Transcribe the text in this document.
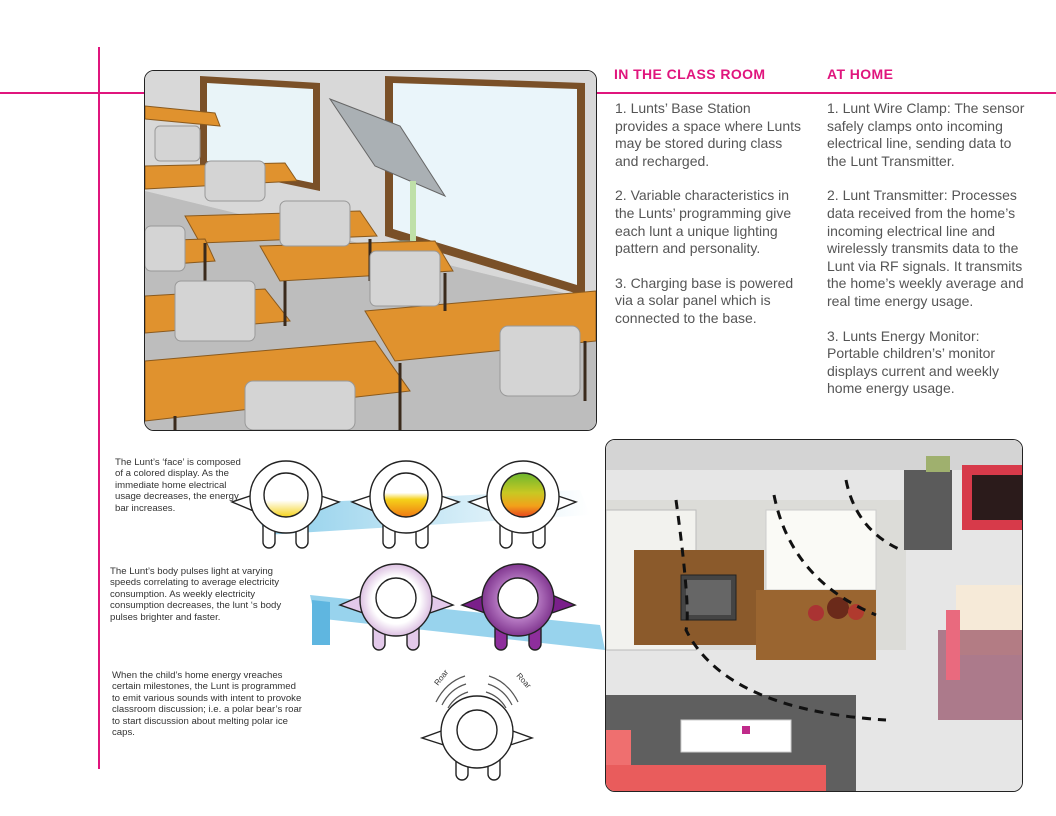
IN THE CLASS ROOM	AT HOME

1. Lunts’ Base Station provides a space where Lunts may be stored during class and recharged.

2. Variable characteristics in the Lunts’ programming give each lunt a unique lighting pattern and personality.

3. Charging base is powered via a solar panel which is connected to the base.

1. Lunt Wire Clamp: The sensor safely clamps onto incoming electrical line, sending data to the Lunt Transmitter.

2. Lunt Transmitter: Processes data received from the home’s incoming electrical line and wirelessly transmits data to the Lunt via RF signals. It transmits the home’s weekly average and real time energy usage.

3. Lunts Energy Monitor: Portable children’s’ monitor displays current and weekly home energy usage.

Roar	Roar
The Lunt’s ‘face’ is composed of a colored display. As the immediate home electrical usage decreases, the energy bar increases.
The Lunt’s body pulses light at varying speeds correlating to average electricity consumption. As weekly electricity consumption decreases, the lunt ‘s body pulses brighter and faster.
When the child’s home energy vreaches certain milestones, the Lunt is programmed to emit various sounds with intent to provoke classroom discussion; i.e. a polar bear’s roar to start discussion about melting polar ice caps.
